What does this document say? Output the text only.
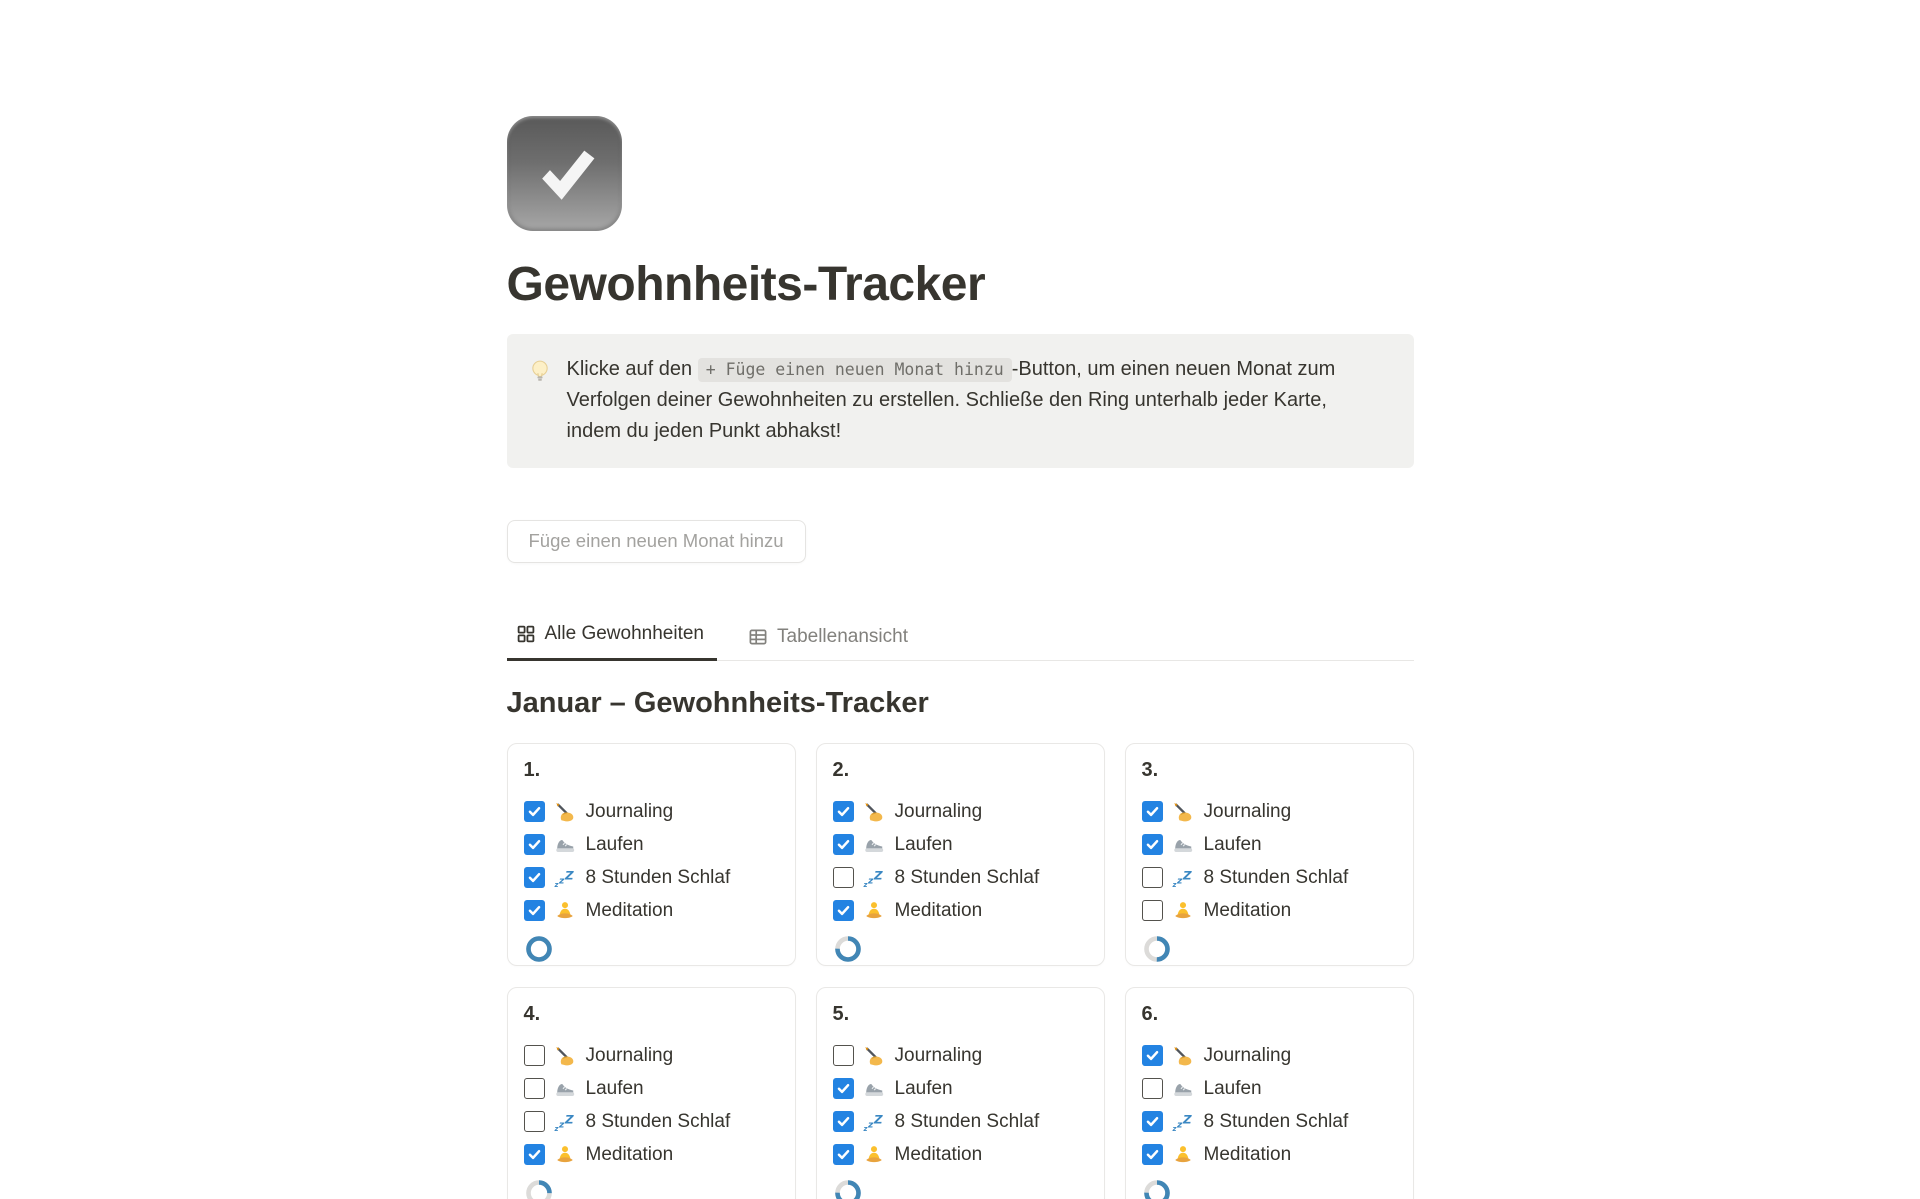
Gewohnheits-Tracker
Klicke auf den + Füge einen neuen Monat hinzu -Button, um einen neuen Monat zum Verfolgen deiner Gewohnheiten zu erstellen. Schließe den Ring unterhalb jeder Karte, indem du jeden Punkt abhakst!
Füge einen neuen Monat hinzu
Alle Gewohnheiten	Tabellenansicht
Januar – Gewohnheits-Tracker
1.
Journaling
Laufen
z z Z 8 Stunden Schlaf
Meditation
2.
Journaling
Laufen
z z Z 8 Stunden Schlaf
Meditation
3.
Journaling
Laufen
z z Z 8 Stunden Schlaf
Meditation
4.
Journaling
Laufen
z z Z 8 Stunden Schlaf
Meditation
5.
Journaling
Laufen
z z Z 8 Stunden Schlaf
Meditation
6.
Journaling
Laufen
z z Z 8 Stunden Schlaf
Meditation
